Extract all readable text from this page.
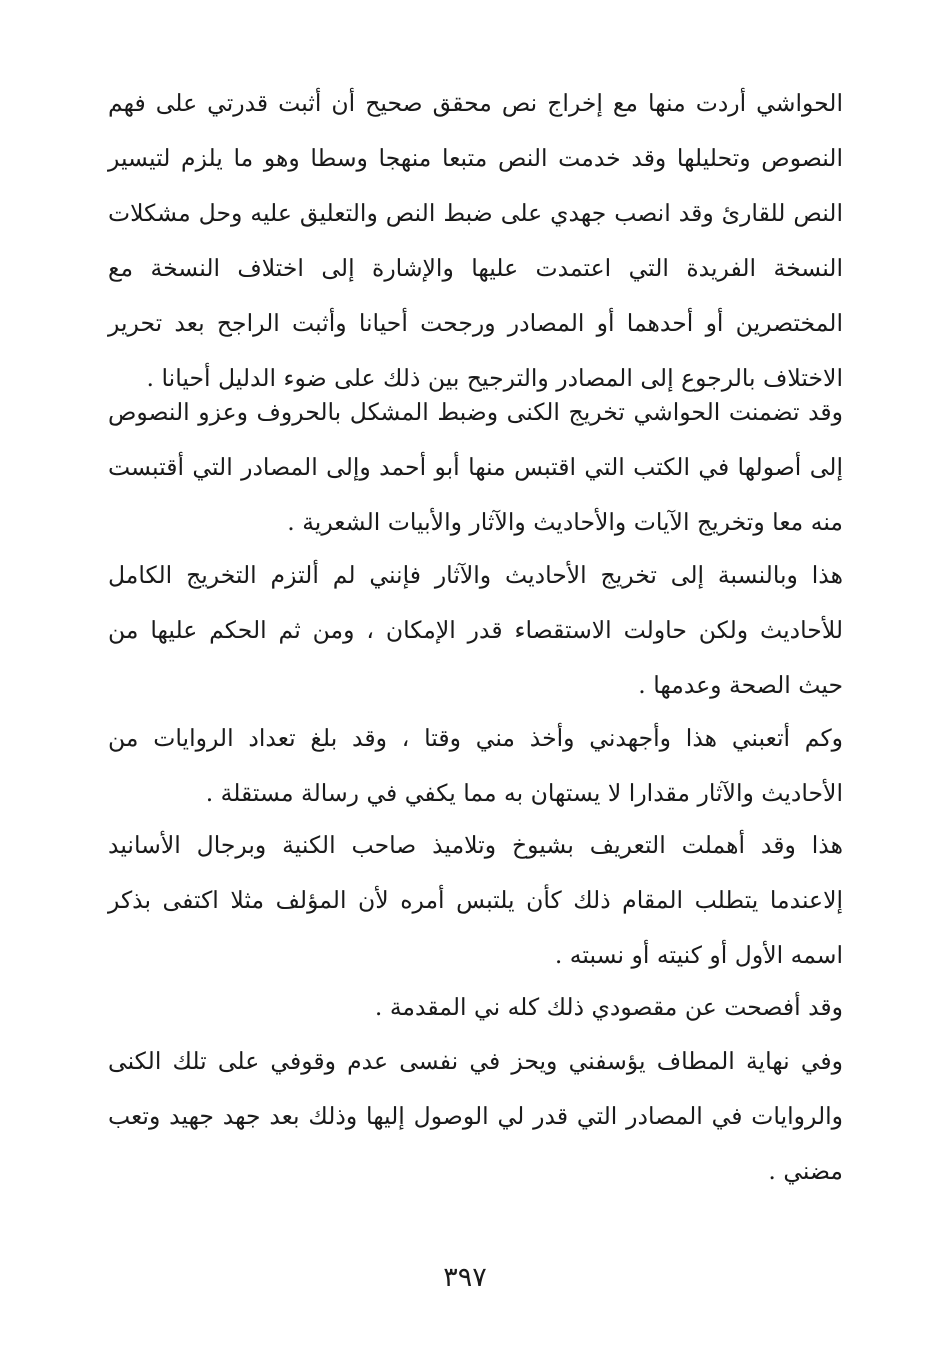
الحواشي أردت منها مع إخراج نص محقق صحيح أن أثبت قدرتي على فهم النصوص وتحليلها وقد خدمت النص متبعا منهجا وسطا وهو ما يلزم لتيسير النص للقارئ وقد انصب جهدي على ضبط النص والتعليق عليه وحل مشكلات النسخة الفريدة التي اعتمدت عليها والإشارة إلى اختلاف النسخة مع المختصرين أو أحدهما أو المصادر ورجحت أحيانا وأثبت الراجح بعد تحرير الاختلاف بالرجوع إلى المصادر والترجيح بين ذلك على ضوء الدليل أحيانا .

وقد تضمنت الحواشي تخريج الكنى وضبط المشكل بالحروف وعزو النصوص إلى أصولها في الكتب التي اقتبس منها أبو أحمد وإلى المصادر التي أقتبست منه معا وتخريج الآيات والأحاديث والآثار والأبيات الشعرية .

هذا وبالنسبة إلى تخريج الأحاديث والآثار فإنني لم ألتزم التخريج الكامل للأحاديث ولكن حاولت الاستقصاء قدر الإمكان ، ومن ثم الحكم عليها من حيث الصحة وعدمها .

وكم أتعبني هذا وأجهدني وأخذ مني وقتا ، وقد بلغ تعداد الروايات من الأحاديث والآثار مقدارا لا يستهان به مما يكفي في رسالة مستقلة .

هذا وقد أهملت التعريف بشيوخ وتلاميذ صاحب الكنية وبرجال الأسانيد إلاعندما يتطلب المقام ذلك كأن يلتبس أمره لأن المؤلف مثلا اكتفى بذكر اسمه الأول أو كنيته أو نسبته .

وقد أفصحت عن مقصودي ذلك كله ني المقدمة .

وفي نهاية المطاف يؤسفني ويحز في نفسى عدم وقوفي على تلك الكنى والروايات في المصادر التي قدر لي الوصول إليها وذلك بعد جهد جهيد وتعب مضني .

٣٩٧
